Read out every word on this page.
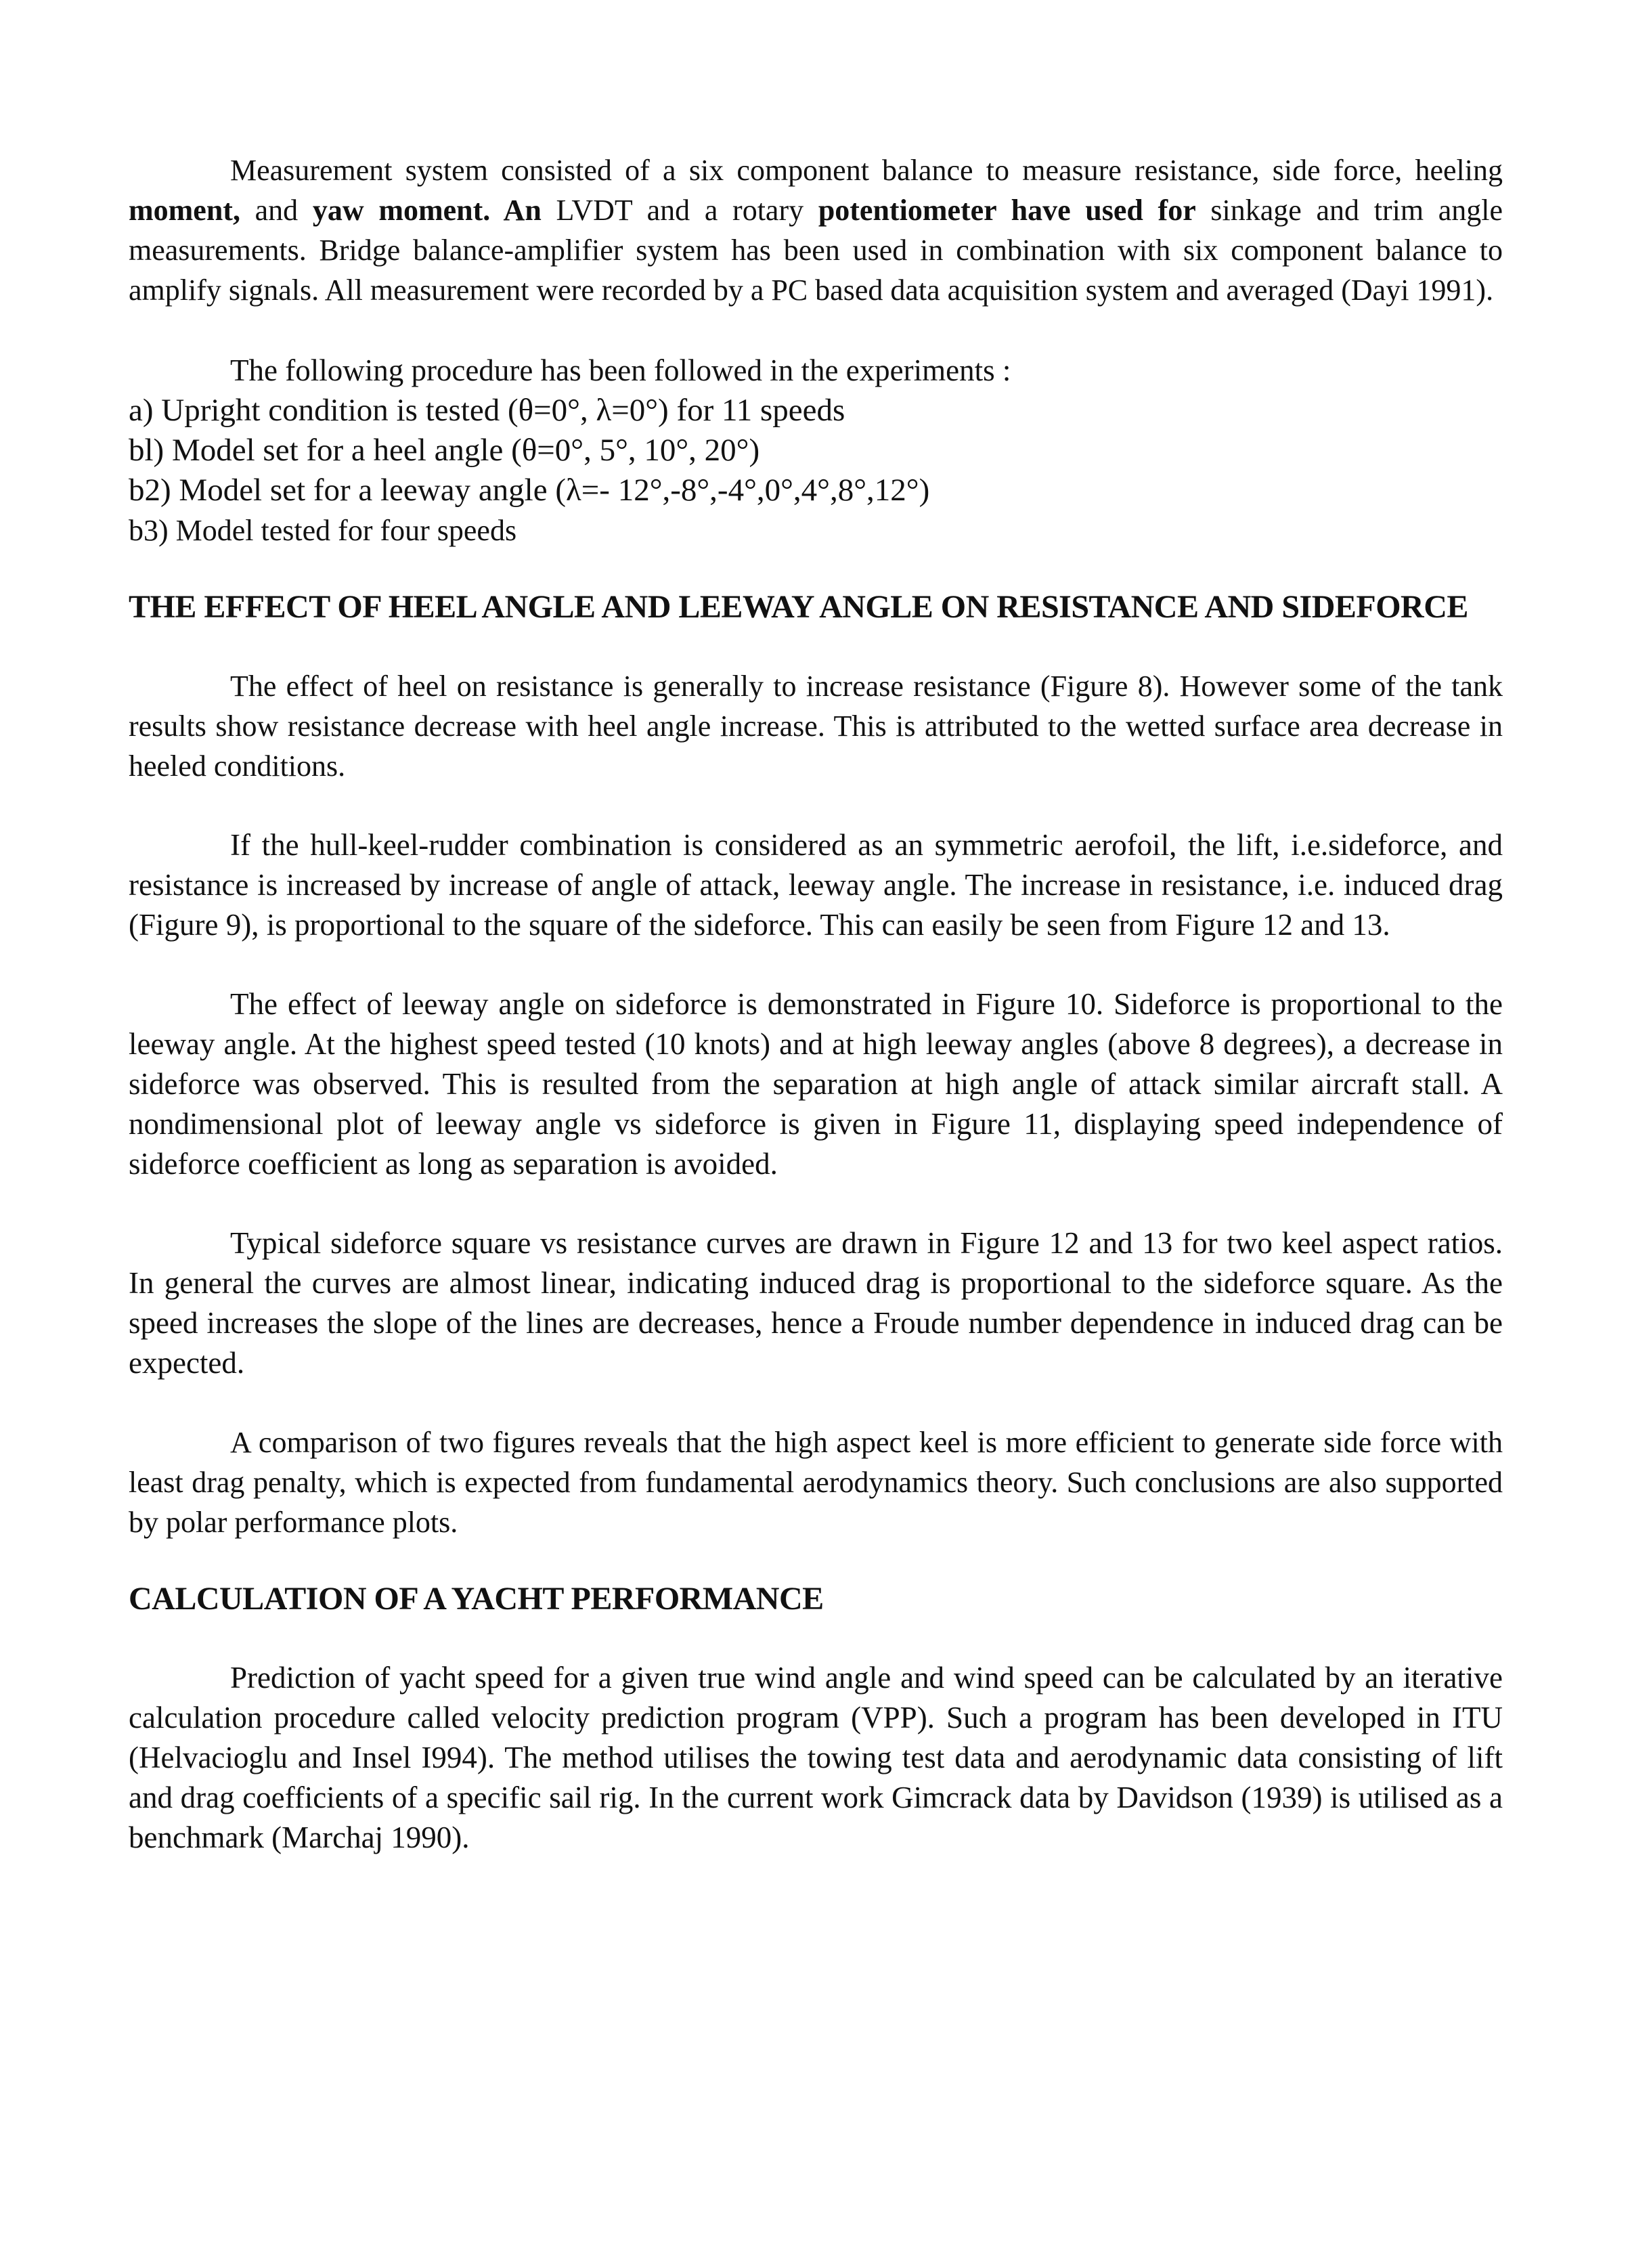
Measurement system consisted of a six component balance to measure resistance, side force, heeling moment, and yaw moment. An LVDT and a rotary potentiometer have used for sinkage and trim angle measurements. Bridge balance-amplifier system has been used in combination with six component balance to amplify signals. All measurement were recorded by a PC based data acquisition system and averaged (Dayi 1991).

The following procedure has been followed in the experiments :

a) Upright condition is tested (θ=0°, λ=0°) for 11 speeds
bl) Model set for a heel angle (θ=0°, 5°, 10°, 20°)
b2) Model set for a leeway angle (λ=- 12°,-8°,-4°,0°,4°,8°,12°)
b3) Model tested for four speeds
THE EFFECT OF HEEL ANGLE AND LEEWAY ANGLE ON RESISTANCE AND SIDEFORCE

The effect of heel on resistance is generally to increase resistance (Figure 8). However some of the tank results show resistance decrease with heel angle increase. This is attributed to the wetted surface area decrease in heeled conditions.

If the hull-keel-rudder combination is considered as an symmetric aerofoil, the lift, i.e.sideforce, and resistance is increased by increase of angle of attack, leeway angle. The increase in resistance, i.e. induced drag (Figure 9), is proportional to the square of the sideforce. This can easily be seen from Figure 12 and 13.

The effect of leeway angle on sideforce is demonstrated in Figure 10. Sideforce is proportional to the leeway angle. At the highest speed tested (10 knots) and at high leeway angles (above 8 degrees), a decrease in sideforce was observed. This is resulted from the separation at high angle of attack similar aircraft stall. A nondimensional plot of leeway angle vs sideforce is given in Figure 11, displaying speed independence of sideforce coefficient as long as separation is avoided.

Typical sideforce square vs resistance curves are drawn in Figure 12 and 13 for two keel aspect ratios. In general the curves are almost linear, indicating induced drag is proportional to the sideforce square. As the speed increases the slope of the lines are decreases, hence a Froude number dependence in induced drag can be expected.

A comparison of two figures reveals that the high aspect keel is more efficient to generate side force with least drag penalty, which is expected from fundamental aerodynamics theory. Such conclusions are also supported by polar performance plots.

CALCULATION OF A YACHT PERFORMANCE

Prediction of yacht speed for a given true wind angle and wind speed can be calculated by an iterative calculation procedure called velocity prediction program (VPP). Such a program has been developed in ITU (Helvacioglu and Insel I994). The method utilises the towing test data and aerodynamic data consisting of lift and drag coefficients of a specific sail rig. In the current work Gimcrack data by Davidson (1939) is utilised as a benchmark (Marchaj 1990).
